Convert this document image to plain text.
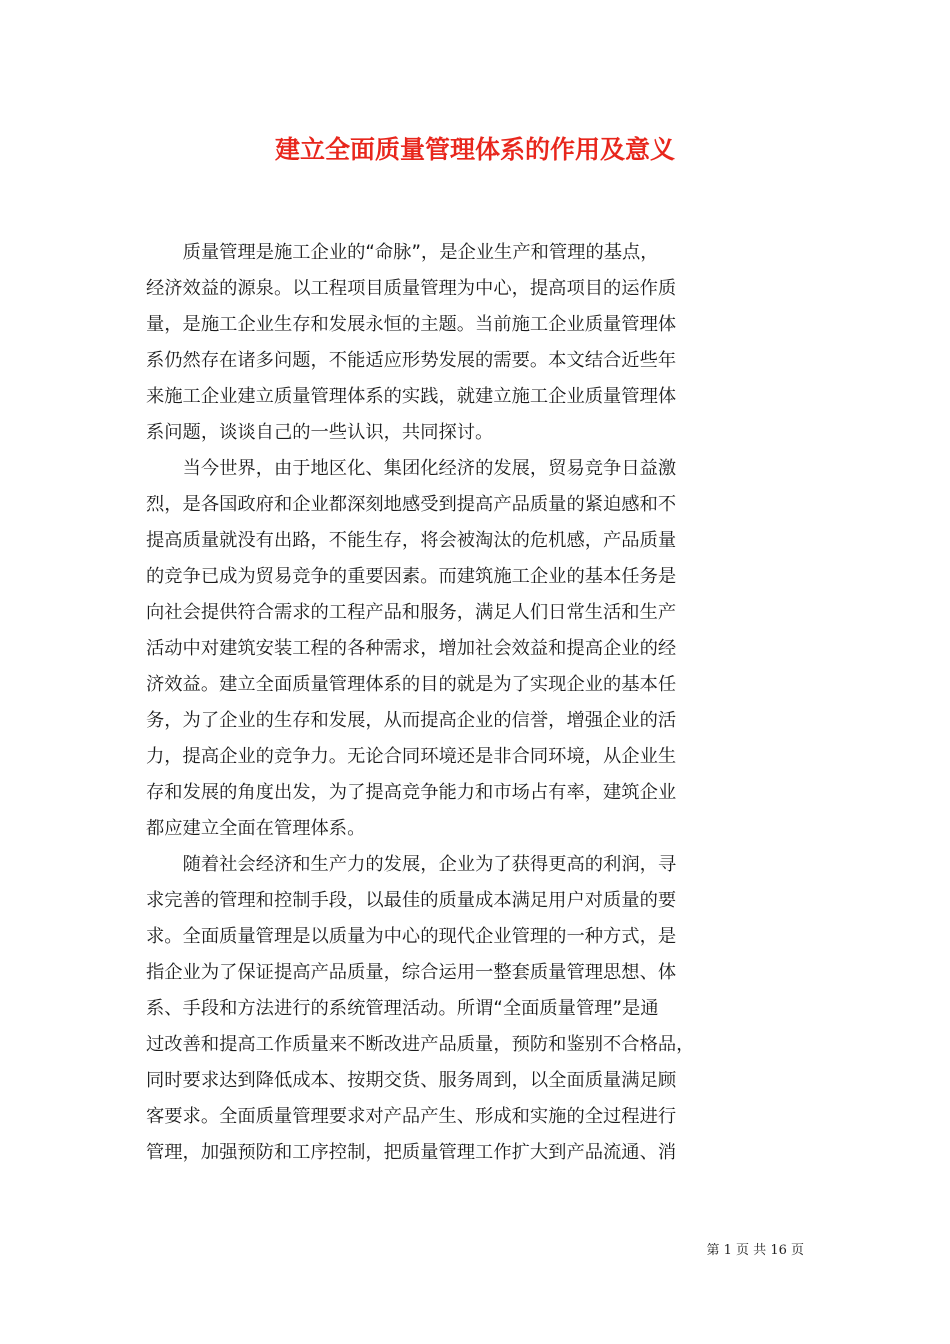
建立全面质量管理体系的作用及意义

质量管理是施工企业的“命脉”，是企业生产和管理的基点，
经济效益的源泉。以工程项目质量管理为中心，提高项目的运作质
量，是施工企业生存和发展永恒的主题。当前施工企业质量管理体
系仍然存在诸多问题，不能适应形势发展的需要。本文结合近些年
来施工企业建立质量管理体系的实践，就建立施工企业质量管理体
系问题，谈谈自己的一些认识，共同探讨。

当今世界，由于地区化、集团化经济的发展，贸易竞争日益激
烈，是各国政府和企业都深刻地感受到提高产品质量的紧迫感和不
提高质量就没有出路，不能生存，将会被淘汰的危机感，产品质量
的竞争已成为贸易竞争的重要因素。而建筑施工企业的基本任务是
向社会提供符合需求的工程产品和服务，满足人们日常生活和生产
活动中对建筑安装工程的各种需求，增加社会效益和提高企业的经
济效益。建立全面质量管理体系的目的就是为了实现企业的基本任
务，为了企业的生存和发展，从而提高企业的信誉，增强企业的活
力，提高企业的竞争力。无论合同环境还是非合同环境，从企业生
存和发展的角度出发，为了提高竞争能力和市场占有率，建筑企业
都应建立全面在管理体系。

随着社会经济和生产力的发展，企业为了获得更高的利润，寻
求完善的管理和控制手段，以最佳的质量成本满足用户对质量的要
求。全面质量管理是以质量为中心的现代企业管理的一种方式，是
指企业为了保证提高产品质量，综合运用一整套质量管理思想、体
系、手段和方法进行的系统管理活动。所谓“全面质量管理”是通
过改善和提高工作质量来不断改进产品质量，预防和鉴别不合格品，
同时要求达到降低成本、按期交货、服务周到，以全面质量满足顾
客要求。全面质量管理要求对产品产生、形成和实施的全过程进行
管理，加强预防和工序控制，把质量管理工作扩大到产品流通、消

第 1 页 共 16 页
